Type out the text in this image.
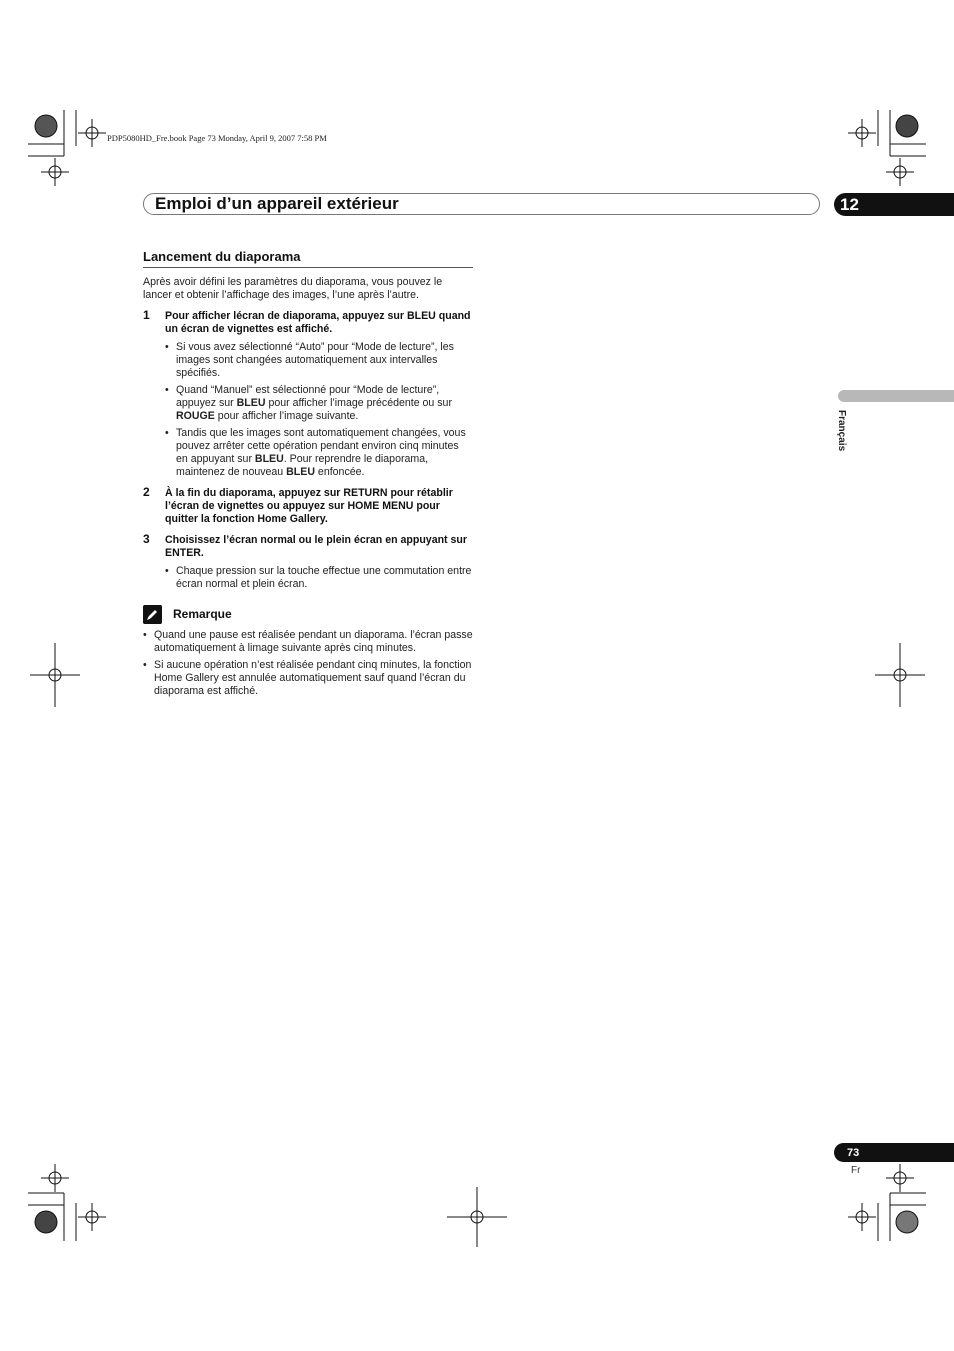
PDP5080HD_Fre.book Page 73 Monday, April 9, 2007 7:58 PM
Emploi d’un appareil extérieur	12
Français
Lancement du diaporama

Après avoir défini les paramètres du diaporama, vous pouvez le lancer et obtenir l’affichage des images, l’une après l’autre.

1 Pour afficher lécran de diaporama, appuyez sur BLEU quand un écran de vignettes est affiché.
• Si vous avez sélectionné “Auto” pour “Mode de lecture”, les images sont changées automatiquement aux intervalles spécifiés.
• Quand “Manuel” est sélectionné pour “Mode de lecture”, appuyez sur BLEU pour afficher l’image précédente ou sur ROUGE pour afficher l’image suivante.
• Tandis que les images sont automatiquement changées, vous pouvez arrêter cette opération pendant environ cinq minutes en appuyant sur BLEU. Pour reprendre le diaporama, maintenez de nouveau BLEU enfoncée.
2 À la fin du diaporama, appuyez sur RETURN pour rétablir l’écran de vignettes ou appuyez sur HOME MENU pour quitter la fonction Home Gallery.
3 Choisissez l’écran normal ou le plein écran en appuyant sur ENTER.
• Chaque pression sur la touche effectue une commutation entre écran normal et plein écran.
Remarque
• Quand une pause est réalisée pendant un diaporama. l’écran passe automatiquement à limage suivante après cinq minutes.
• Si aucune opération n’est réalisée pendant cinq minutes, la fonction Home Gallery est annulée automatiquement sauf quand l’écran du diaporama est affiché.
73
Fr
